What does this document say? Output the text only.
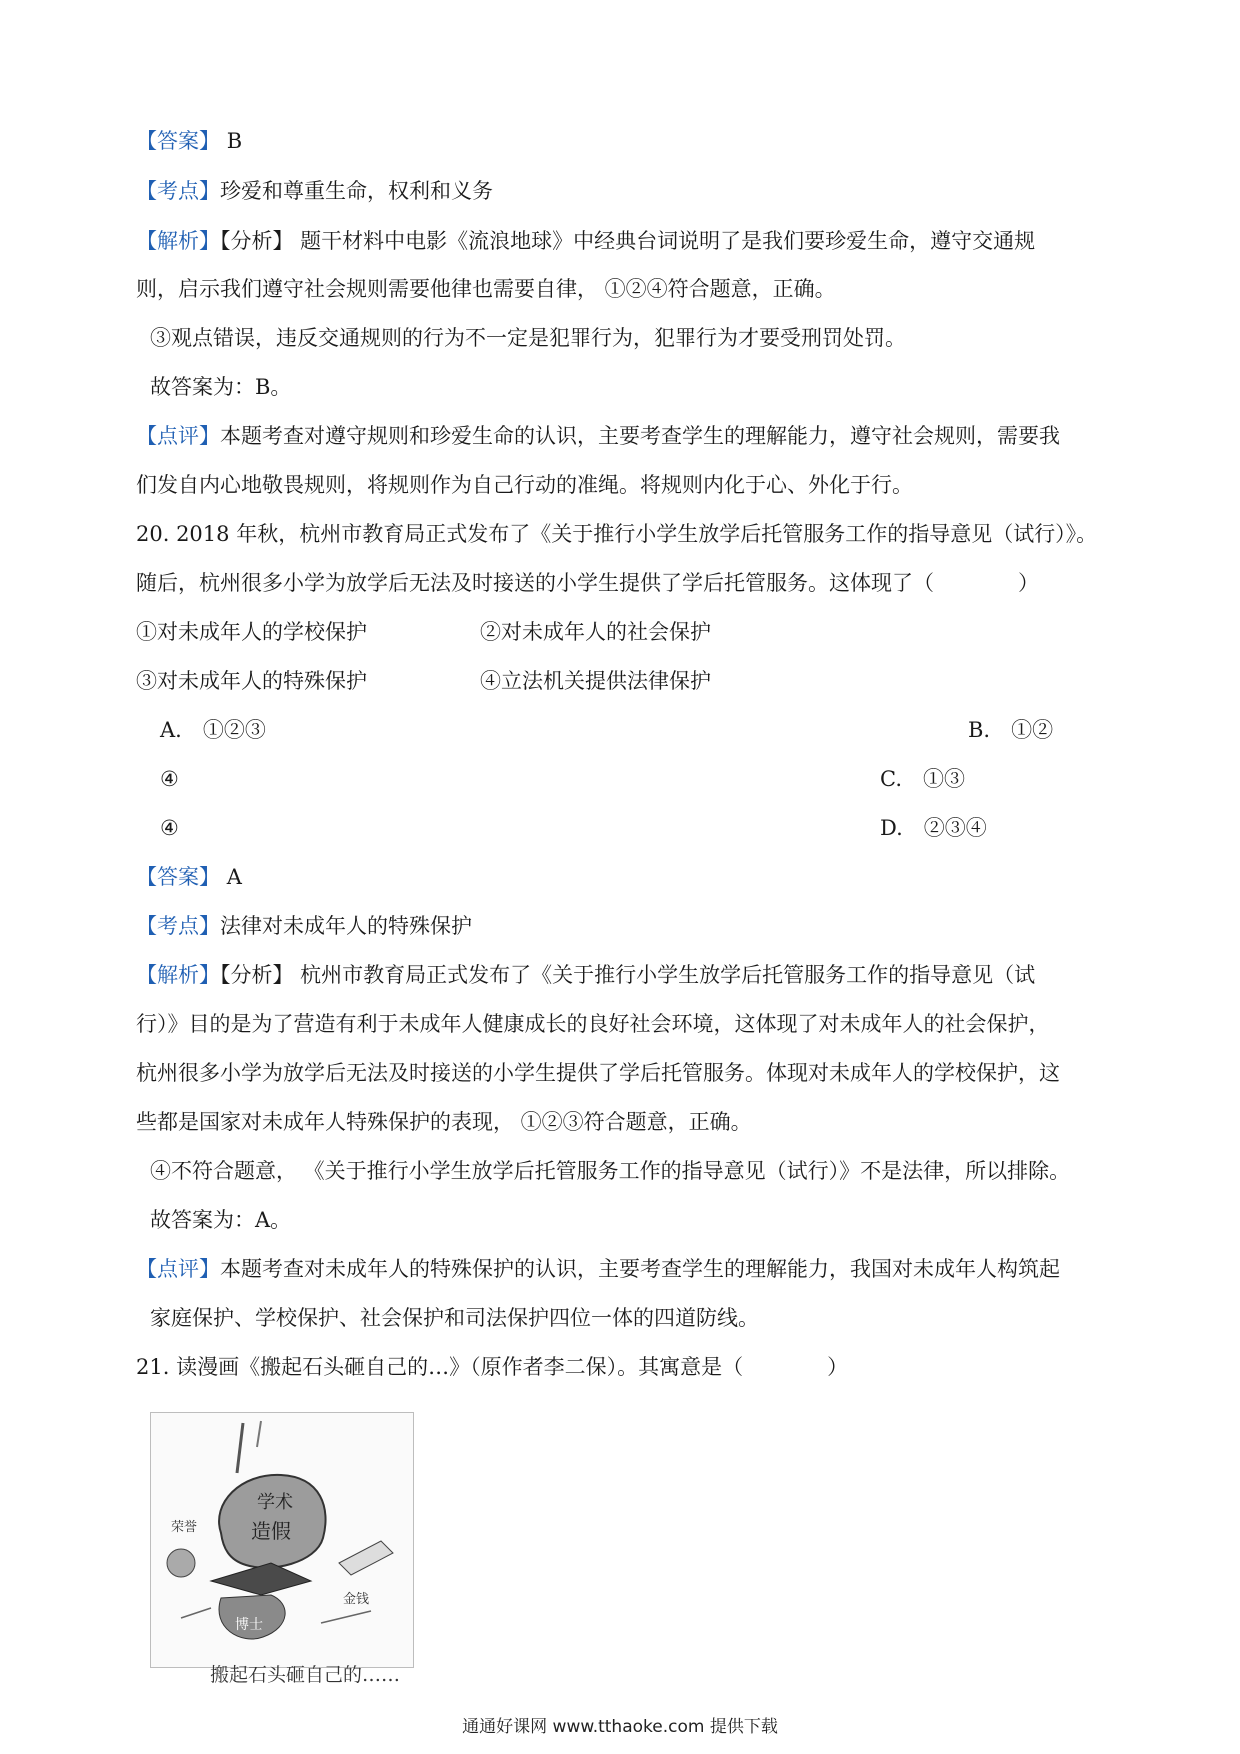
【答案】 B
【考点】珍爱和尊重生命，权利和义务
【解析】【分析】 题干材料中电影《流浪地球》中经典台词说明了是我们要珍爱生命，遵守交通规
则，启示我们遵守社会规则需要他律也需要自律， ①②④符合题意，正确。
③观点错误，违反交通规则的行为不一定是犯罪行为，犯罪行为才要受刑罚处罚。
故答案为：B。
【点评】本题考查对遵守规则和珍爱生命的认识，主要考查学生的理解能力，遵守社会规则，需要我
们发自内心地敬畏规则，将规则作为自己行动的准绳。将规则内化于心、外化于行。
20. 2018 年秋，杭州市教育局正式发布了《关于推行小学生放学后托管服务工作的指导意见（试行）》。
随后，杭州很多小学为放学后无法及时接送的小学生提供了学后托管服务。这体现了（　　　　）
①对未成年人的学校保护	②对未成年人的社会保护
③对未成年人的特殊保护	④立法机关提供法律保护
A.　①②③	B.　①②
④	C.　①③
④	D.　②③④
【答案】 A
【考点】法律对未成年人的特殊保护
【解析】【分析】 杭州市教育局正式发布了《关于推行小学生放学后托管服务工作的指导意见（试
行）》目的是为了营造有利于未成年人健康成长的良好社会环境，这体现了对未成年人的社会保护，
杭州很多小学为放学后无法及时接送的小学生提供了学后托管服务。体现对未成年人的学校保护，这
些都是国家对未成年人特殊保护的表现， ①②③符合题意，正确。
④不符合题意， 《关于推行小学生放学后托管服务工作的指导意见（试行）》不是法律，所以排除。
故答案为：A。
【点评】本题考查对未成年人的特殊保护的认识，主要考查学生的理解能力，我国对未成年人构筑起
家庭保护、学校保护、社会保护和司法保护四位一体的四道防线。
21. 读漫画《搬起石头砸自己的…》（原作者李二保）。其寓意是（　　　　）
学术
造假
博士
荣誉
金钱
搬起石头砸自己的……
通通好课网 www.tthaoke.com 提供下载
